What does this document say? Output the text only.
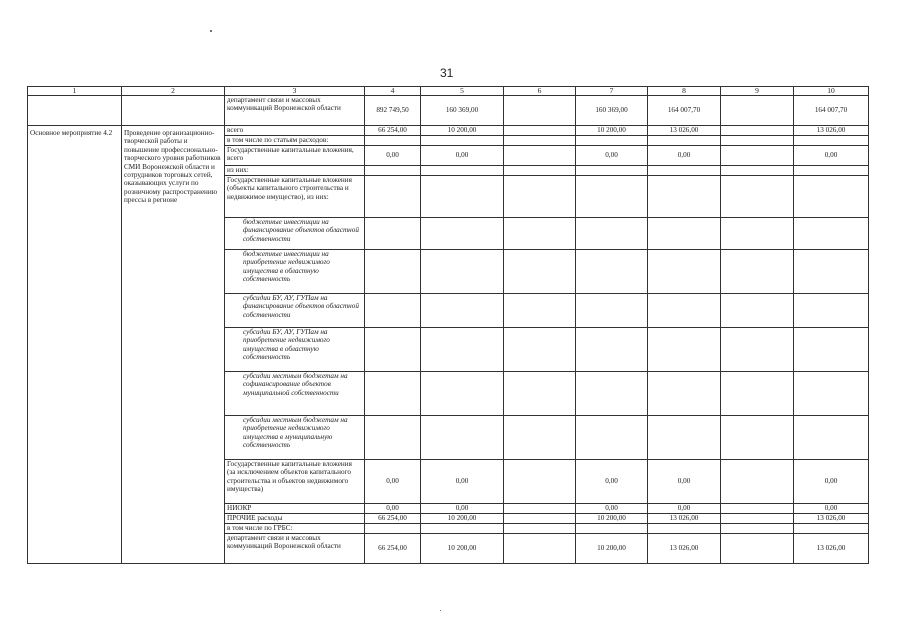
31
1	2	3	4	5	6	7	8	9	10
		департамент связи и массовых коммуникаций Воронежской области	892 749,50	160 369,00		160 369,00	164 007,70		164 007,70
Основное мероприятие 4.2	Проведение организационно-творческой работы и повышение профессионально-творческого уровня работников СМИ Воронежской области и сотрудников торговых сетей, оказывающих услуги по розничному распространению прессы в регионе	всего	66 254,00	10 200,00		10 200,00	13 026,00		13 026,00
		в том числе по статьям расходов:							
		Государственные капитальные вложения, всего	0,00	0,00		0,00	0,00		0,00
		из них:							
		Государственные капитальные вложения (объекты капитального строительства и недвижимое имущество), из них:							
		бюджетные инвестиции на финансирование объектов областной собственности							
		бюджетные инвестиции на приобретение недвижимого имущества в областную собственность							
		субсидии БУ, АУ, ГУПам на финансирование объектов областной собственности							
		субсидии БУ, АУ, ГУПам на приобретение недвижимого имущества в областную собственность							
		субсидии местным бюджетам на софинансирование объектов муниципальной собственности							
		субсидии местным бюджетам на приобретение недвижимого имущества в муниципальную собственность							
		Государственные капитальные вложения (за исключением объектов капитального строительства и объектов недвижимого имущества)	0,00	0,00		0,00	0,00		0,00
		НИОКР	0,00	0,00		0,00	0,00		0,00
		ПРОЧИЕ расходы	66 254,00	10 200,00		10 200,00	13 026,00		13 026,00
		в том числе по ГРБС:							
		департамент связи и массовых коммуникаций Воронежской области	66 254,00	10 200,00		10 200,00	13 026,00		13 026,00
